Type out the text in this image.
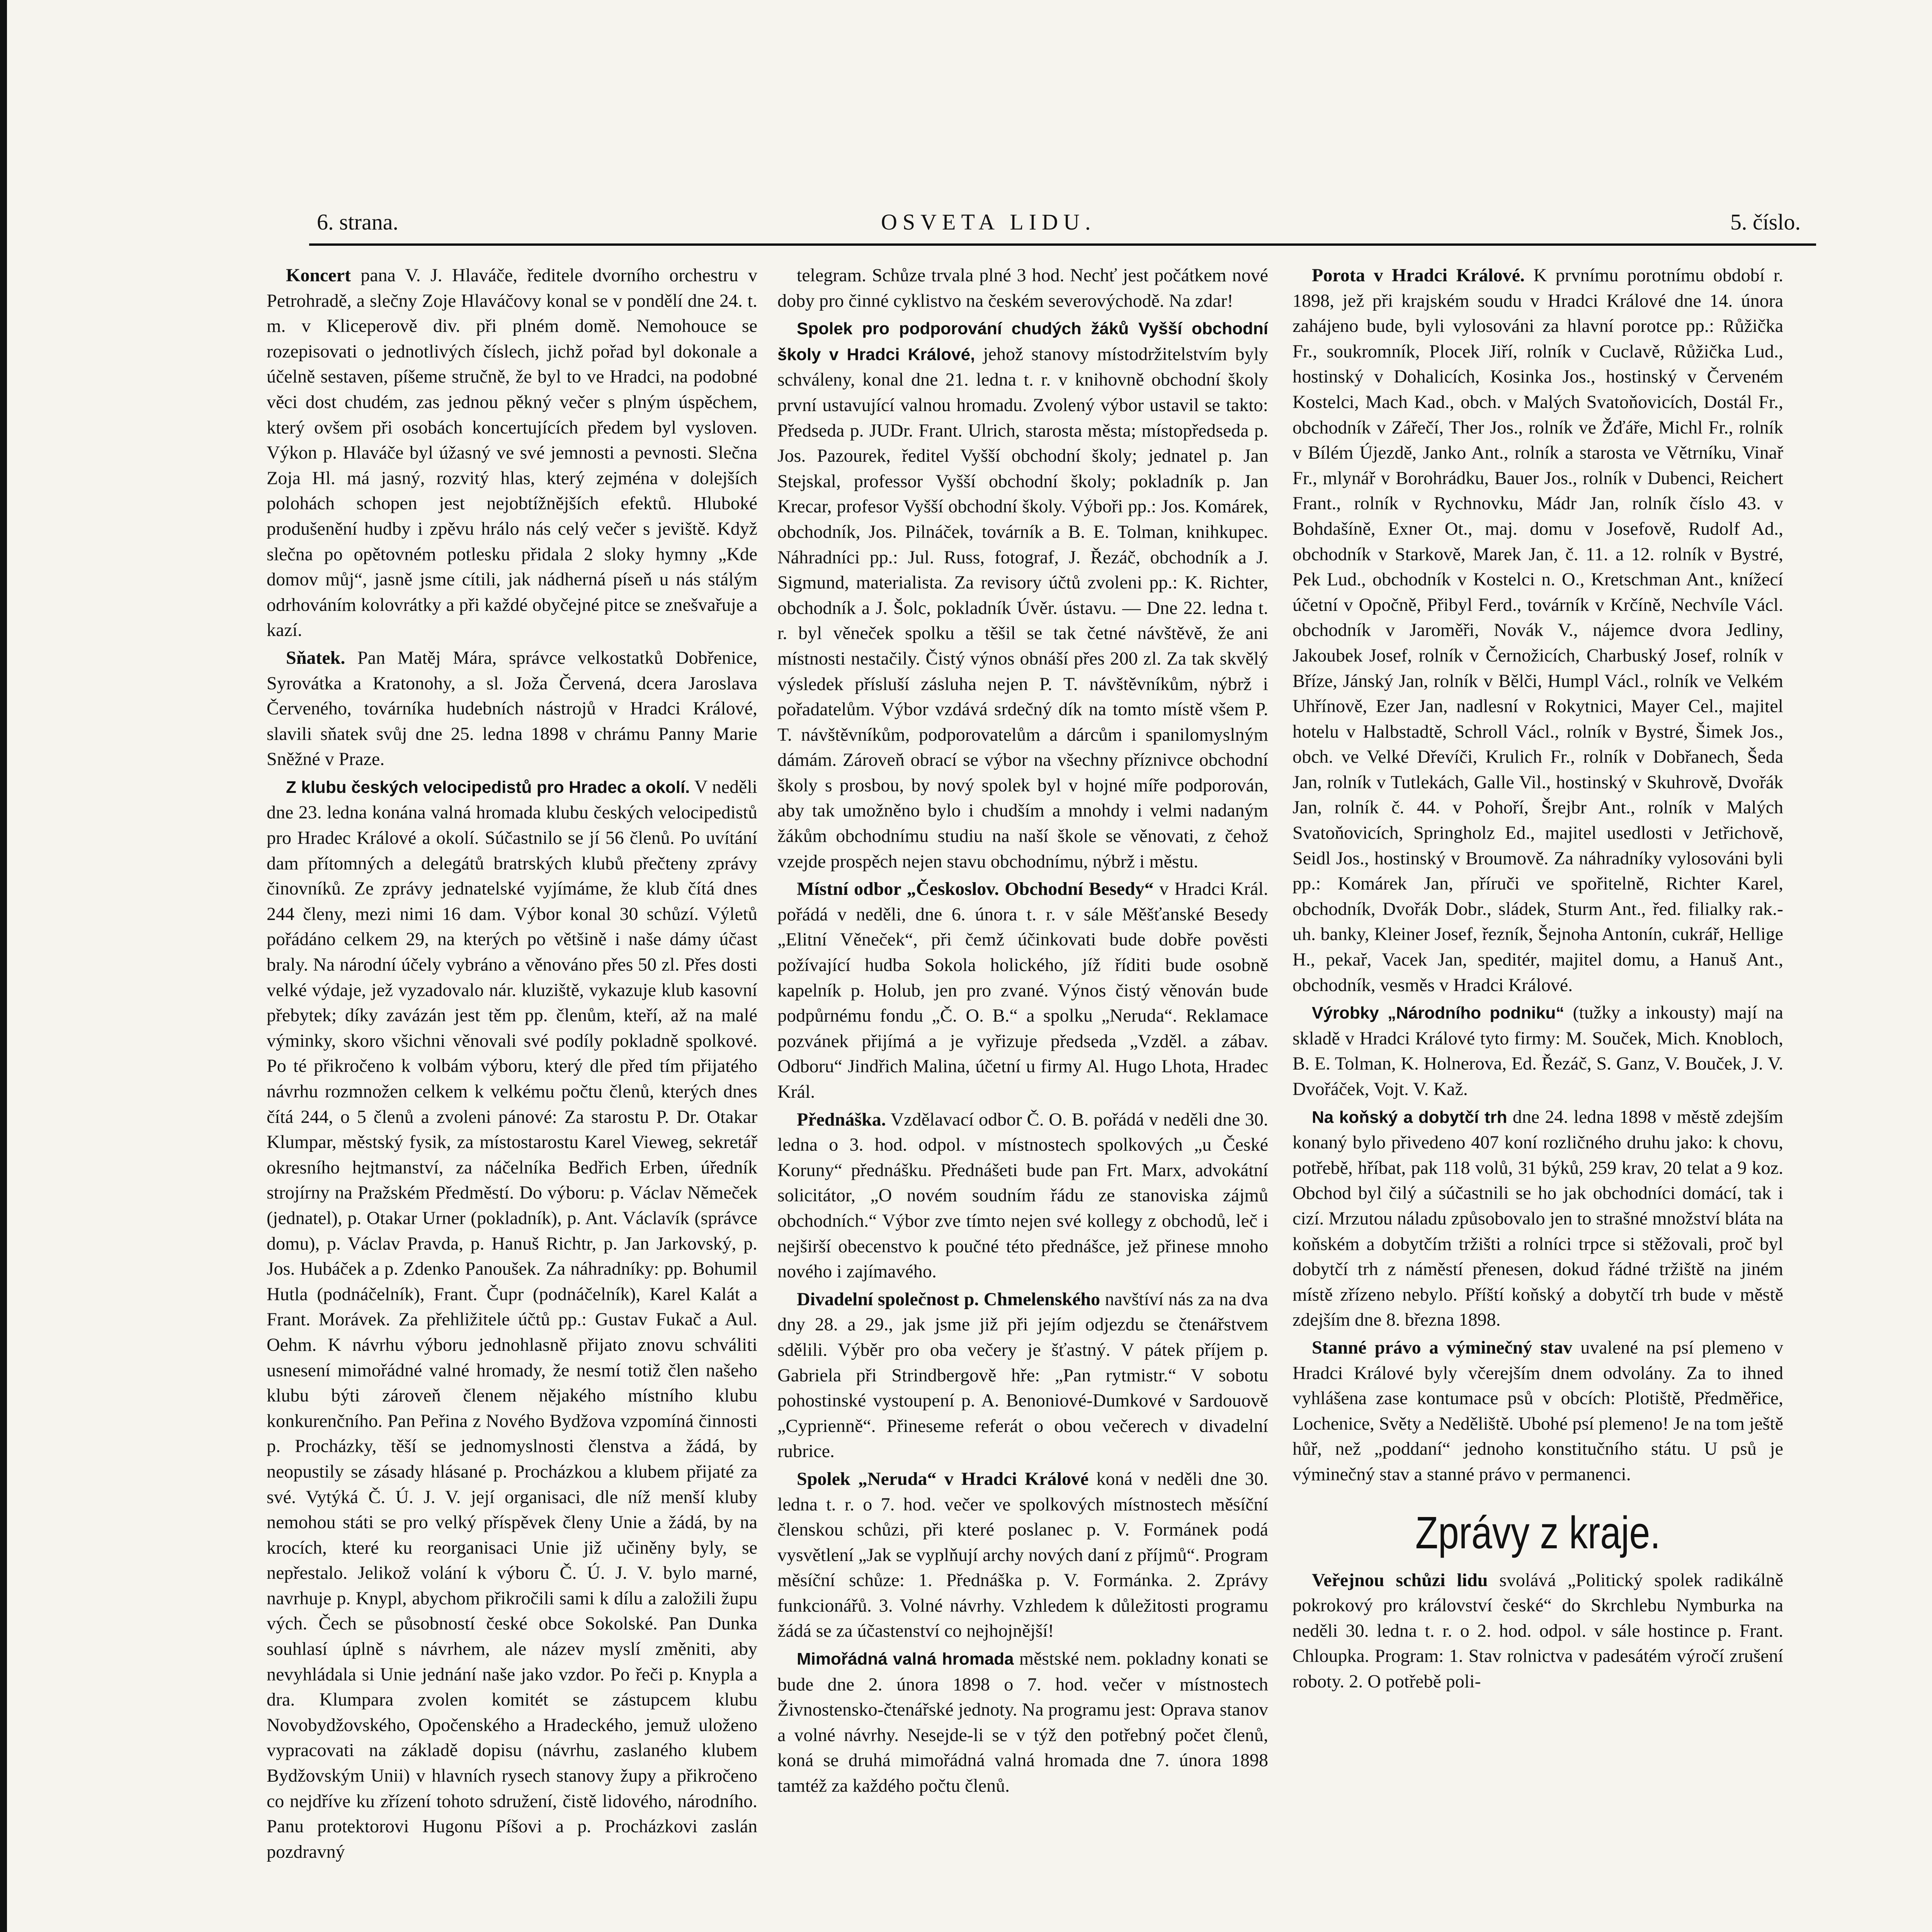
6. strana.	OSVETA LIDU.	5. číslo.

Koncert pana V. J. Hlaváče, ředitele dvorního orchestru v Petrohradě, a slečny Zoje Hlaváčovy konal se v pondělí dne 24. t. m. v Kliceperově div. při plném domě. Nemohouce se rozepisovati o jednotlivých číslech, jichž pořad byl dokonale a účelně sestaven, píšeme stručně, že byl to ve Hradci, na podobné věci dost chudém, zas jednou pěkný večer s plným úspěchem, který ovšem při osobách koncertujících předem byl vysloven. Výkon p. Hlaváče byl úžasný ve své jemnosti a pevnosti. Slečna Zoja Hl. má jasný, rozvitý hlas, který zejména v dolejších polohách schopen jest nejobtížnějších efektů. Hluboké produšenění hudby i zpěvu hrálo nás celý večer s jeviště. Když slečna po opětovném potlesku přidala 2 sloky hymny „Kde domov můj“, jasně jsme cítili, jak nádherná píseň u nás stálým odrhováním kolovrátky a při každé obyčejné pitce se znešvařuje a kazí.

Sňatek. Pan Matěj Mára, správce velkostatků Dobřenice, Syrovátka a Kratonohy, a sl. Joža Červená, dcera Jaroslava Červeného, továrníka hudebních nástrojů v Hradci Králové, slavili sňatek svůj dne 25. ledna 1898 v chrámu Panny Marie Sněžné v Praze.

Z klubu českých velocipedistů pro Hradec a okolí. V neděli dne 23. ledna konána valná hromada klubu českých velocipedistů pro Hradec Králové a okolí. Súčastnilo se jí 56 členů. Po uvítání dam přítomných a delegátů bratrských klubů přečteny zprávy činovníků. Ze zprávy jednatelské vyjímáme, že klub čítá dnes 244 členy, mezi nimi 16 dam. Výbor konal 30 schůzí. Výletů pořádáno celkem 29, na kterých po většině i naše dámy účast braly. Na národní účely vybráno a věnováno přes 50 zl. Přes dosti velké výdaje, jež vyzadovalo nár. kluziště, vykazuje klub kasovní přebytek; díky zavázán jest těm pp. členům, kteří, až na malé výminky, skoro všichni věnovali své podíly pokladně spolkové. Po té přikročeno k volbám výboru, který dle před tím přijatého návrhu rozmnožen celkem k velkému počtu členů, kterých dnes čítá 244, o 5 členů a zvoleni pánové: Za starostu P. Dr. Otakar Klumpar, městský fysik, za místostarostu Karel Vieweg, sekretář okresního hejtmanství, za náčelníka Bedřich Erben, úředník strojírny na Pražském Předměstí. Do výboru: p. Václav Němeček (jednatel), p. Otakar Urner (pokladník), p. Ant. Václavík (správce domu), p. Václav Pravda, p. Hanuš Richtr, p. Jan Jarkovský, p. Jos. Hubáček a p. Zdenko Panoušek. Za náhradníky: pp. Bohumil Hutla (podnáčelník), Frant. Čupr (podnáčelník), Karel Kalát a Frant. Morávek. Za přehližitele účtů pp.: Gustav Fukač a Aul. Oehm. K návrhu výboru jednohlasně přijato znovu schváliti usnesení mimořádné valné hromady, že nesmí totiž člen našeho klubu býti zároveň členem nějakého místního klubu konkurenčního. Pan Peřina z Nového Bydžova vzpomíná činnosti p. Procházky, těší se jednomyslnosti členstva a žádá, by neopustily se zásady hlásané p. Procházkou a klubem přijaté za své. Vytýká Č. Ú. J. V. její organisaci, dle níž menší kluby nemohou státi se pro velký příspěvek členy Unie a žádá, by na krocích, které ku reorganisaci Unie již učiněny byly, se nepřestalo. Jelikož volání k výboru Č. Ú. J. V. bylo marné, navrhuje p. Knypl, abychom přikročili sami k dílu a založili župu vých. Čech se působností české obce Sokolské. Pan Dunka souhlasí úplně s návrhem, ale název myslí změniti, aby nevyhládala si Unie jednání naše jako vzdor. Po řeči p. Knypla a dra. Klumpara zvolen komitét se zástupcem klubu Novobydžovského, Opočenského a Hradeckého, jemuž uloženo vypracovati na základě dopisu (návrhu, zaslaného klubem Bydžovským Unii) v hlavních rysech stanovy župy a přikročeno co nejdříve ku zřízení tohoto sdružení, čistě lidového, národního. Panu protektorovi Hugonu Píšovi a p. Procházkovi zaslán pozdravný

telegram. Schůze trvala plné 3 hod. Nechť jest počátkem nové doby pro činné cyklistvo na českém severovýchodě. Na zdar!

Spolek pro podporování chudých žáků Vyšší obchodní školy v Hradci Králové, jehož stanovy místodržitelstvím byly schváleny, konal dne 21. ledna t. r. v knihovně obchodní školy první ustavující valnou hromadu. Zvolený výbor ustavil se takto: Předseda p. JUDr. Frant. Ulrich, starosta města; místopředseda p. Jos. Pazourek, ředitel Vyšší obchodní školy; jednatel p. Jan Stejskal, professor Vyšší obchodní školy; pokladník p. Jan Krecar, profesor Vyšší obchodní školy. Výboři pp.: Jos. Komárek, obchodník, Jos. Pilnáček, továrník a B. E. Tolman, knihkupec. Náhradníci pp.: Jul. Russ, fotograf, J. Řezáč, obchodník a J. Sigmund, materialista. Za revisory účtů zvoleni pp.: K. Richter, obchodník a J. Šolc, pokladník Úvěr. ústavu. — Dne 22. ledna t. r. byl věneček spolku a těšil se tak četné návštěvě, že ani místnosti nestačily. Čistý výnos obnáší přes 200 zl. Za tak skvělý výsledek přísluší zásluha nejen P. T. návštěvníkům, nýbrž i pořadatelům. Výbor vzdává srdečný dík na tomto místě všem P. T. návštěvníkům, podporovatelům a dárcům i spanilomyslným dámám. Zároveň obrací se výbor na všechny příznivce obchodní školy s prosbou, by nový spolek byl v hojné míře podporován, aby tak umožněno bylo i chudším a mnohdy i velmi nadaným žákům obchodnímu studiu na naší škole se věnovati, z čehož vzejde prospěch nejen stavu obchodnímu, nýbrž i městu.

Místní odbor „Českoslov. Obchodní Besedy“ v Hradci Král. pořádá v neděli, dne 6. února t. r. v sále Měšťanské Besedy „Elitní Věneček“, při čemž účinkovati bude dobře pověsti požívající hudba Sokola holického, jíž říditi bude osobně kapelník p. Holub, jen pro zvané. Výnos čistý věnován bude podpůrnému fondu „Č. O. B.“ a spolku „Neruda“. Reklamace pozvánek přijímá a je vyřizuje předseda „Vzděl. a zábav. Odboru“ Jindřich Malina, účetní u firmy Al. Hugo Lhota, Hradec Král.

Přednáška. Vzdělavací odbor Č. O. B. pořádá v neděli dne 30. ledna o 3. hod. odpol. v místnostech spolkových „u České Koruny“ přednášku. Přednášeti bude pan Frt. Marx, advokátní solicitátor, „O novém soudním řádu ze stanoviska zájmů obchodních.“ Výbor zve tímto nejen své kollegy z obchodů, leč i nejširší obecenstvo k poučné této přednášce, jež přinese mnoho nového i zajímavého.

Divadelní společnost p. Chmelenského navštíví nás za na dva dny 28. a 29., jak jsme již při jejím odjezdu se čtenářstvem sdělili. Výběr pro oba večery je šťastný. V pátek příjem p. Gabriela při Strindbergově hře: „Pan rytmistr.“ V sobotu pohostinské vystoupení p. A. Benoniové-Dumkové v Sardouově „Cyprienně“. Přineseme referát o obou večerech v divadelní rubrice.

Spolek „Neruda“ v Hradci Králové koná v neděli dne 30. ledna t. r. o 7. hod. večer ve spolkových místnostech měsíční členskou schůzi, při které poslanec p. V. Formánek podá vysvětlení „Jak se vyplňují archy nových daní z příjmů“. Program měsíční schůze: 1. Přednáška p. V. Formánka. 2. Zprávy funkcionářů. 3. Volné návrhy. Vzhledem k důležitosti programu žádá se za účastenství co nejhojnější!

Mimořádná valná hromada městské nem. pokladny konati se bude dne 2. února 1898 o 7. hod. večer v místnostech Živnostensko-čtenářské jednoty. Na programu jest: Oprava stanov a volné návrhy. Nesejde-li se v týž den potřebný počet členů, koná se druhá mimořádná valná hromada dne 7. února 1898 tamtéž za každého počtu členů.

Porota v Hradci Králové. K prvnímu porotnímu období r. 1898, jež při krajském soudu v Hradci Králové dne 14. února zahájeno bude, byli vylosováni za hlavní porotce pp.: Růžička Fr., soukromník, Plocek Jiří, rolník v Cuclavě, Růžička Lud., hostinský v Dohalicích, Kosinka Jos., hostinský v Červeném Kostelci, Mach Kad., obch. v Malých Svatoňovicích, Dostál Fr., obchodník v Zářečí, Ther Jos., rolník ve Žďáře, Michl Fr., rolník v Bílém Újezdě, Janko Ant., rolník a starosta ve Větrníku, Vinař Fr., mlynář v Borohrádku, Bauer Jos., rolník v Dubenci, Reichert Frant., rolník v Rychnovku, Mádr Jan, rolník číslo 43. v Bohdašíně, Exner Ot., maj. domu v Josefově, Rudolf Ad., obchodník v Starkově, Marek Jan, č. 11. a 12. rolník v Bystré, Pek Lud., obchodník v Kostelci n. O., Kretschman Ant., knížecí účetní v Opočně, Přibyl Ferd., továrník v Krčíně, Nechvíle Václ. obchodník v Jaroměři, Novák V., nájemce dvora Jedliny, Jakoubek Josef, rolník v Černožicích, Charbuský Josef, rolník v Bříze, Jánský Jan, rolník v Bělči, Humpl Václ., rolník ve Velkém Uhřínově, Ezer Jan, nadlesní v Rokytnici, Mayer Cel., majitel hotelu v Halbstadtě, Schroll Václ., rolník v Bystré, Šimek Jos., obch. ve Velké Dřevíči, Krulich Fr., rolník v Dobřanech, Šeda Jan, rolník v Tutlekách, Galle Vil., hostinský v Skuhrově, Dvořák Jan, rolník č. 44. v Pohoří, Šrejbr Ant., rolník v Malých Svatoňovicích, Springholz Ed., majitel usedlosti v Jetřichově, Seidl Jos., hostinský v Broumově. Za náhradníky vylosováni byli pp.: Komárek Jan, příruči ve spořitelně, Richter Karel, obchodník, Dvořák Dobr., sládek, Sturm Ant., řed. filialky rak.-uh. banky, Kleiner Josef, řezník, Šejnoha Antonín, cukrář, Hellige H., pekař, Vacek Jan, speditér, majitel domu, a Hanuš Ant., obchodník, vesměs v Hradci Králové.

Výrobky „Národního podniku“ (tužky a inkousty) mají na skladě v Hradci Králové tyto firmy: M. Souček, Mich. Knobloch, B. E. Tolman, K. Holnerova, Ed. Řezáč, S. Ganz, V. Bouček, J. V. Dvořáček, Vojt. V. Kaž.

Na koňský a dobytčí trh dne 24. ledna 1898 v městě zdejším konaný bylo přivedeno 407 koní rozličného druhu jako: k chovu, potřebě, hříbat, pak 118 volů, 31 býků, 259 krav, 20 telat a 9 koz. Obchod byl čilý a súčastnili se ho jak obchodníci domácí, tak i cizí. Mrzutou náladu způsobovalo jen to strašné množství bláta na koňském a dobytčím tržišti a rolníci trpce si stěžovali, proč byl dobytčí trh z náměstí přenesen, dokud řádné tržiště na jiném místě zřízeno nebylo. Příští koňský a dobytčí trh bude v městě zdejším dne 8. března 1898.

Stanné právo a výminečný stav uvalené na psí plemeno v Hradci Králové byly včerejším dnem odvolány. Za to ihned vyhlášena zase kontumace psů v obcích: Plotiště, Předměřice, Lochenice, Světy a Neděliště. Ubohé psí plemeno! Je na tom ještě hůř, než „poddaní“ jednoho konstitučního státu. U psů je výminečný stav a stanné právo v permanenci.

Zprávy z kraje.

Veřejnou schůzi lidu svolává „Politický spolek radikálně pokrokový pro království české“ do Skrchlebu Nymburka na neděli 30. ledna t. r. o 2. hod. odpol. v sále hostince p. Frant. Chloupka. Program: 1. Stav rolnictva v padesátém výročí zrušení roboty. 2. O potřebě poli-
